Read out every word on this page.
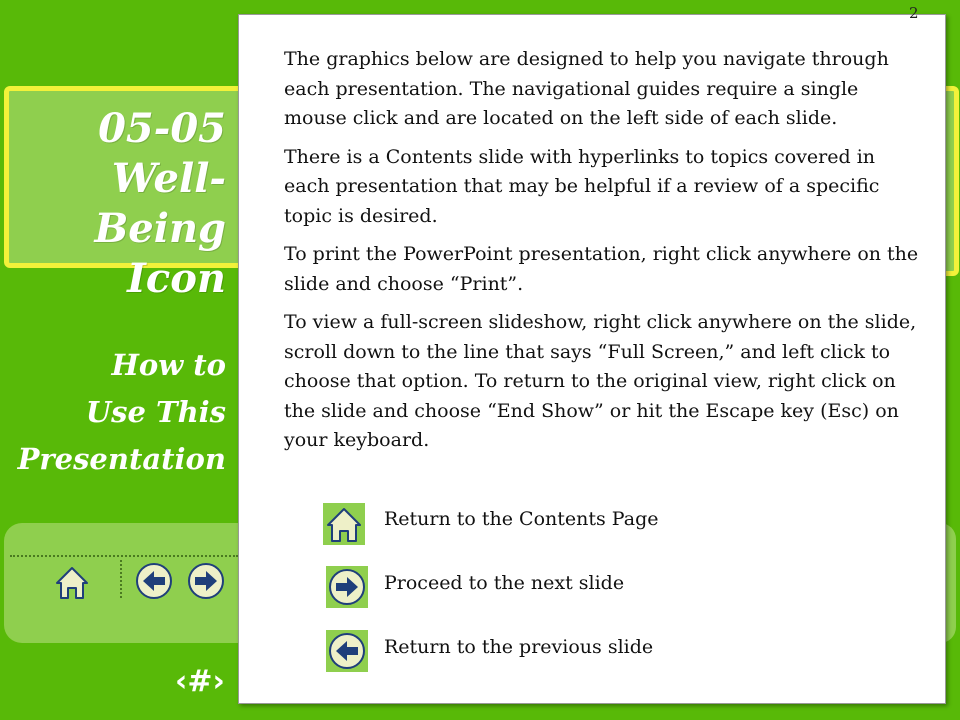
05-05
Well-Being
Icon
How to
Use This
Presentation
‹#›
2

The graphics below are designed to help you navigate through each presentation. The navigational guides require a single mouse click and are located on the left side of each slide.

There is a Contents slide with hyperlinks to topics covered in each presentation that may be helpful if a review of a specific topic is desired.

To print the PowerPoint presentation, right click anywhere on the slide and choose “Print”.

To view a full-screen slideshow, right click anywhere on the slide, scroll down to the line that says “Full Screen,” and left click to choose that option. To return to the original view, right click on the slide and choose “End Show” or hit the Escape key (Esc) on your keyboard.

Return to the Contents Page
Proceed to the next slide
Return to the previous slide
